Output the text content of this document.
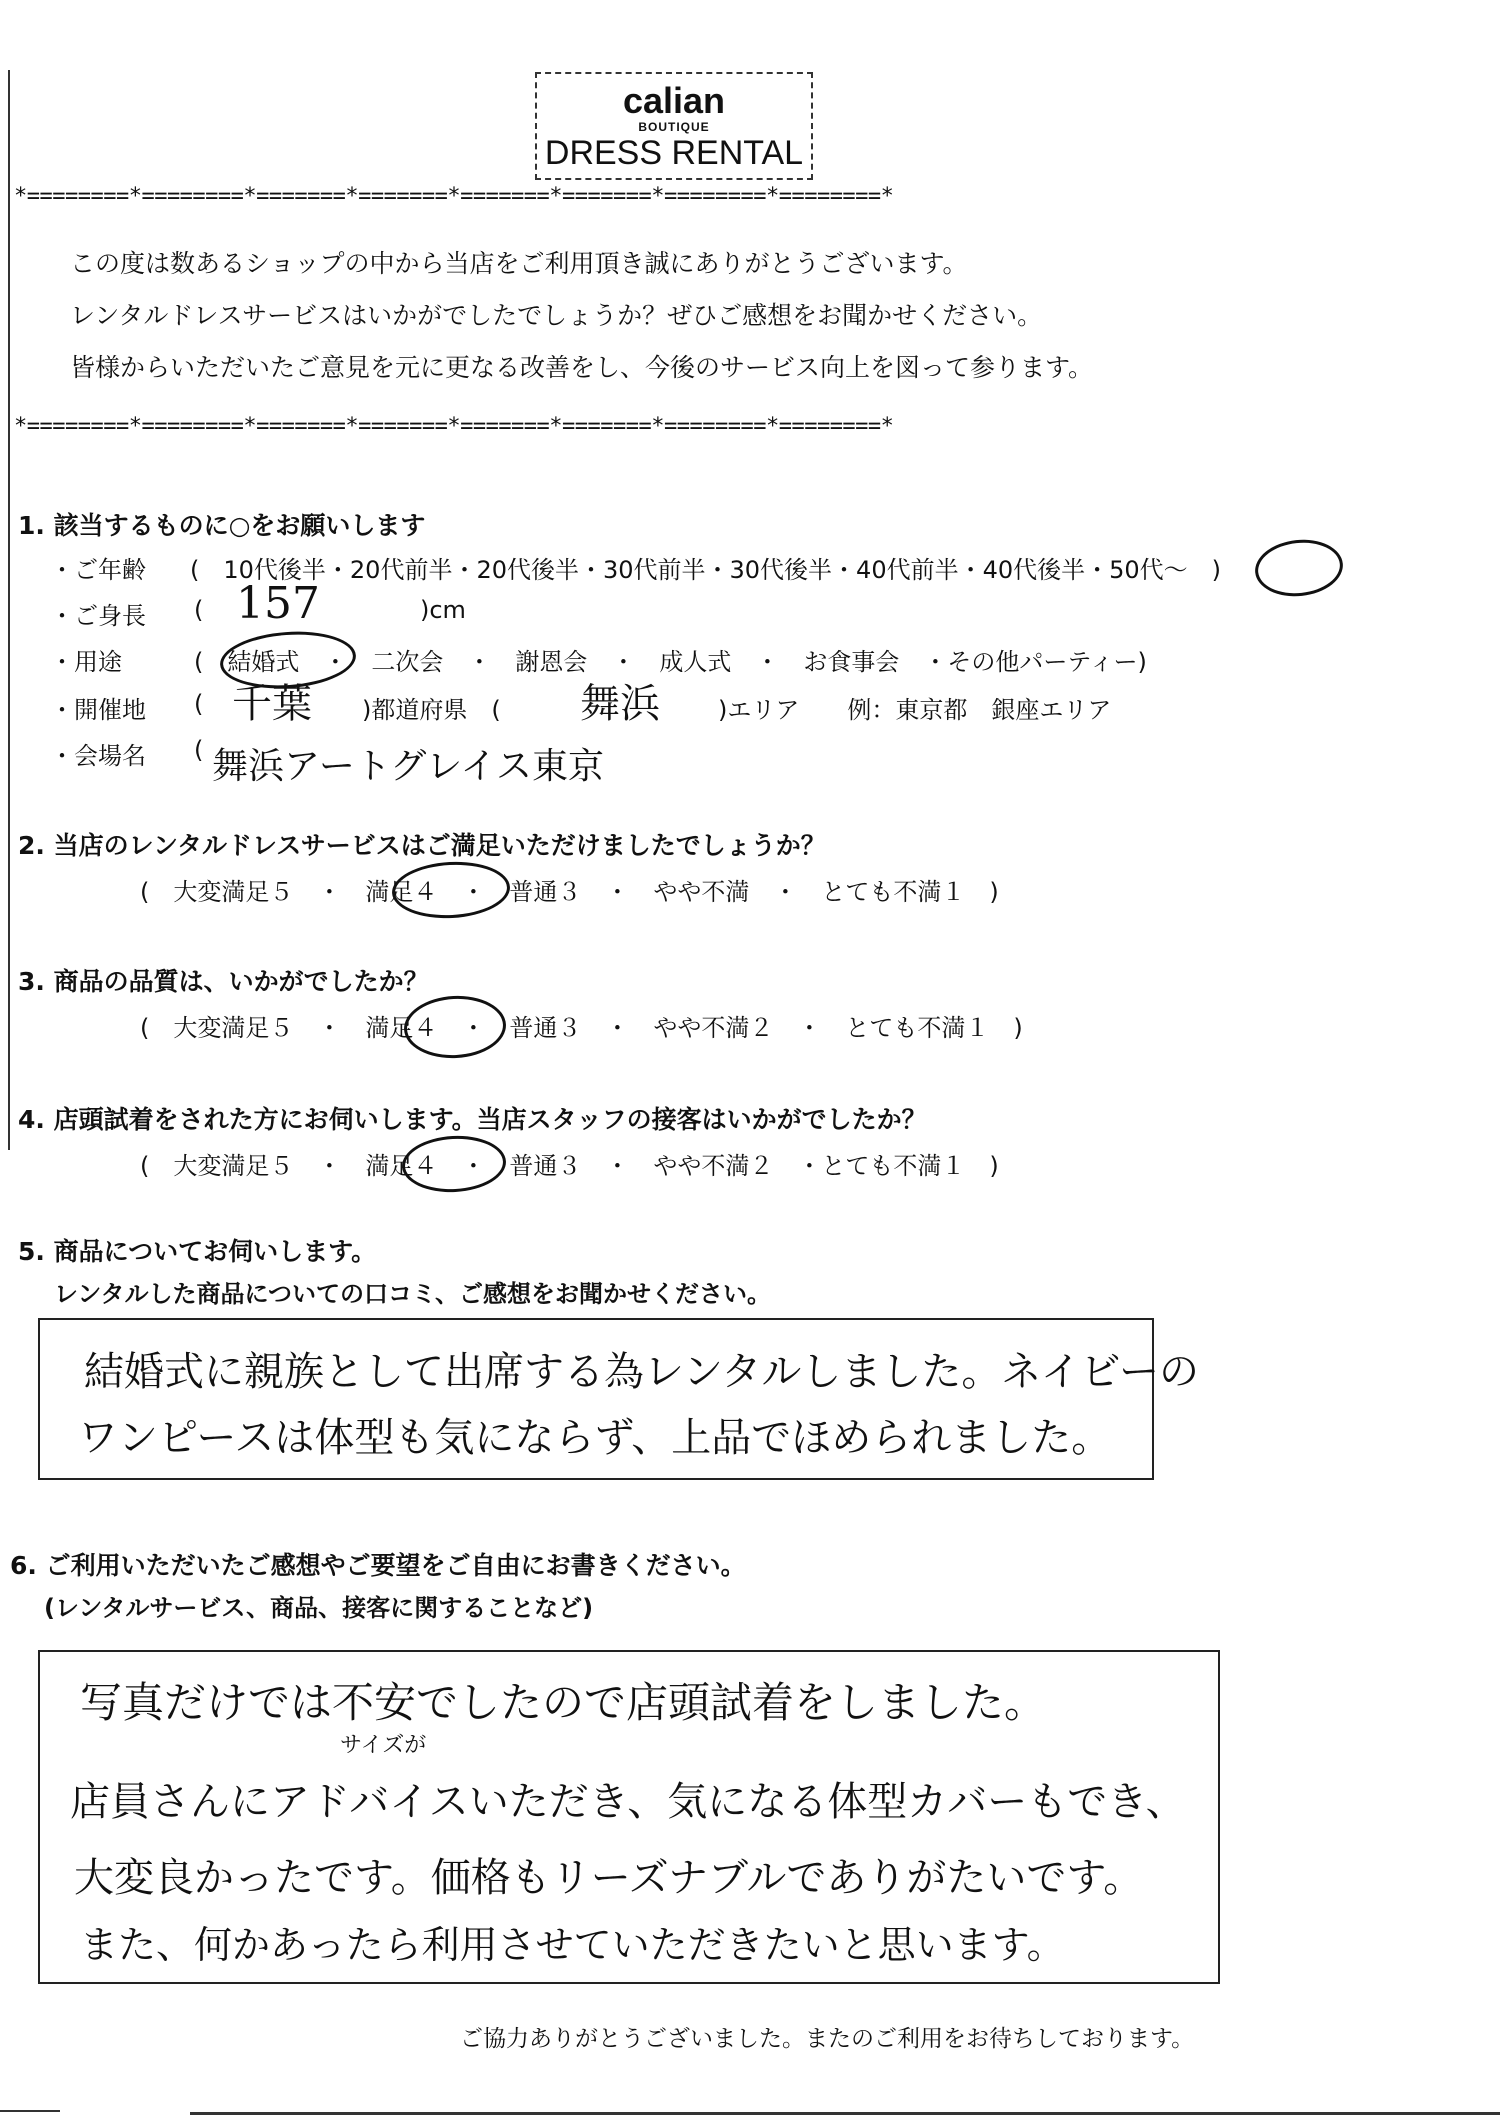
calian
BOUTIQUE
DRESS RENTAL
*========*========*=======*=======*=======*=======*========*========*
この度は数あるショップの中から当店をご利用頂き誠にありがとうございます。
レンタルドレスサービスはいかがでしたでしょうか？ぜひご感想をお聞かせください。
皆様からいただいたご意見を元に更なる改善をし、今後のサービス向上を図って参ります。
*========*========*=======*=======*=======*=======*========*========*
1. 該当するものに○をお願いします
・ご年齢 (　10代後半・20代前半・20代後半・30代前半・30代後半・40代前半・40代後半・50代～　)
・ご身長 ( 157	)cm
・用途	(　結婚式　・　二次会　・　謝恩会　・　成人式　・　お食事会　・その他パーティー)
・開催地 ( 千葉 )都道府県　( 舞浜 )エリア　　例：東京都　銀座エリア
・会場名 ( 舞浜アートグレイス東京
2. 当店のレンタルドレスサービスはご満足いただけましたでしょうか？
(　大変満足５　・　満足４　・　普通３　・　やや不満　・　とても不満１　)
3. 商品の品質は、いかがでしたか？
(　大変満足５　・　満足４　・　普通３　・　やや不満２　・　とても不満１　)
4. 店頭試着をされた方にお伺いします。当店スタッフの接客はいかがでしたか？
(　大変満足５　・　満足４　・　普通３　・　やや不満２　・とても不満１　)
5. 商品についてお伺いします。
レンタルした商品についての口コミ、ご感想をお聞かせください。
結婚式に親族として出席する為レンタルしました。ネイビーの
ワンピースは体型も気にならず、上品でほめられました。
6. ご利用いただいたご感想やご要望をご自由にお書きください。
(レンタルサービス、商品、接客に関することなど)
写真だけでは不安でしたので店頭試着をしました。
サイズが
店員さんにアドバイスいただき、気になる体型カバーもでき、
大変良かったです。価格もリーズナブルでありがたいです。
また、何かあったら利用させていただきたいと思います。
ご協力ありがとうございました。またのご利用をお待ちしております。
